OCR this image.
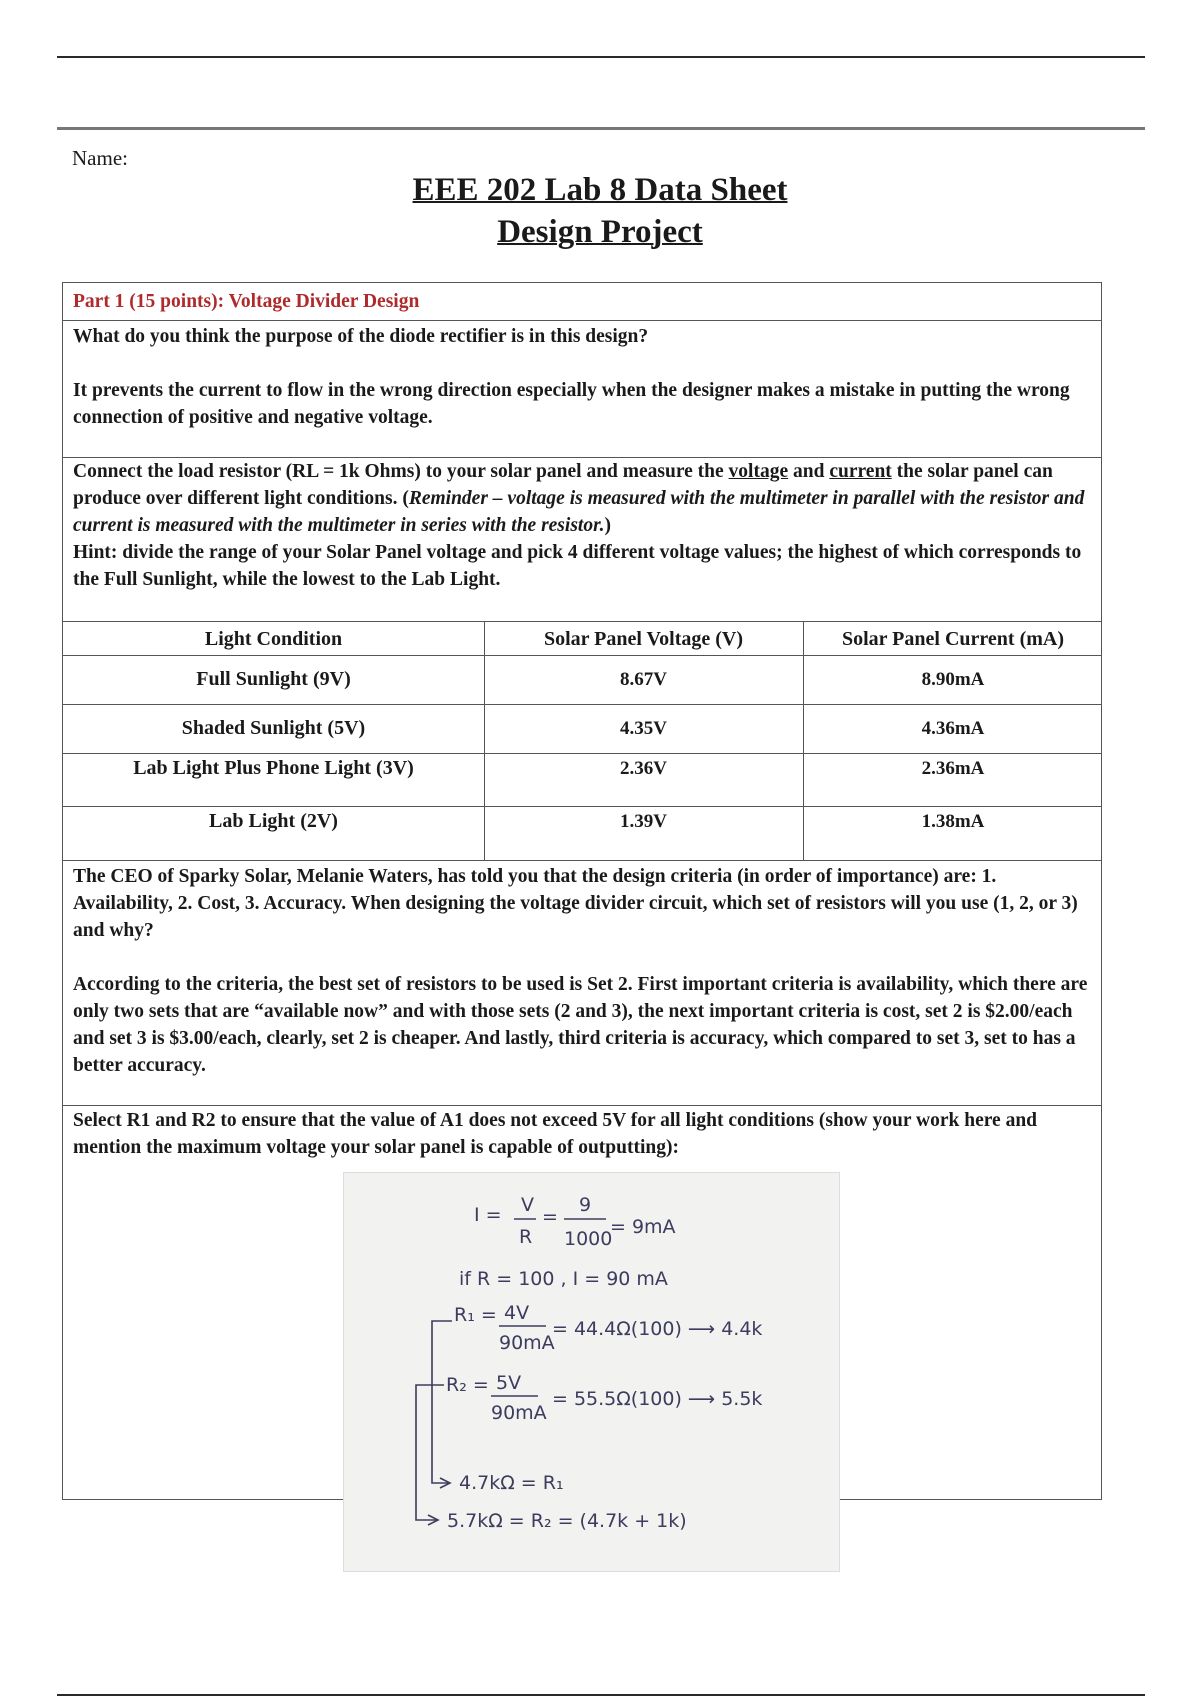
Name:
EEE 202 Lab 8 Data Sheet
Design Project
Part 1 (15 points): Voltage Divider Design
What do you think the purpose of the diode rectifier is in this design?
It prevents the current to flow in the wrong direction especially when the designer makes a mistake in putting the wrong connection of positive and negative voltage.
Connect the load resistor (RL = 1k Ohms) to your solar panel and measure the voltage and current the solar panel can produce over different light conditions. (Reminder – voltage is measured with the multimeter in parallel with the resistor and current is measured with the multimeter in series with the resistor.)
Hint: divide the range of your Solar Panel voltage and pick 4 different voltage values; the highest of which corresponds to the Full Sunlight, while the lowest to the Lab Light.
Light Condition	Solar Panel Voltage (V)	Solar Panel Current (mA)
Full Sunlight (9V)	8.67V	8.90mA
Shaded Sunlight (5V)	4.35V	4.36mA
Lab Light Plus Phone Light (3V)	2.36V	2.36mA
Lab Light (2V)	1.39V	1.38mA
The CEO of Sparky Solar, Melanie Waters, has told you that the design criteria (in order of importance) are: 1. Availability, 2. Cost, 3. Accuracy. When designing the voltage divider circuit, which set of resistors will you use (1, 2, or 3) and why?
According to the criteria, the best set of resistors to be used is Set 2. First important criteria is availability, which there are only two sets that are “available now” and with those sets (2 and 3), the next important criteria is cost, set 2 is $2.00/each and set 3 is $3.00/each, clearly, set 2 is cheaper. And lastly, third criteria is accuracy, which compared to set 3, set to has a better accuracy.
Select R1 and R2 to ensure that the value of A1 does not exceed 5V for all light conditions (show your work here and mention the maximum voltage your solar panel is capable of outputting):
I = V
R
=
9
1000
= 9mA
if R = 100 , I = 90 mA
R₁ = 4V
90mA
= 44.4Ω(100) ⟶ 4.4k
R₂ = 5V
90mA
= 55.5Ω(100) ⟶ 5.5k
4.7kΩ = R₁
5.7kΩ = R₂ = (4.7k + 1k)
